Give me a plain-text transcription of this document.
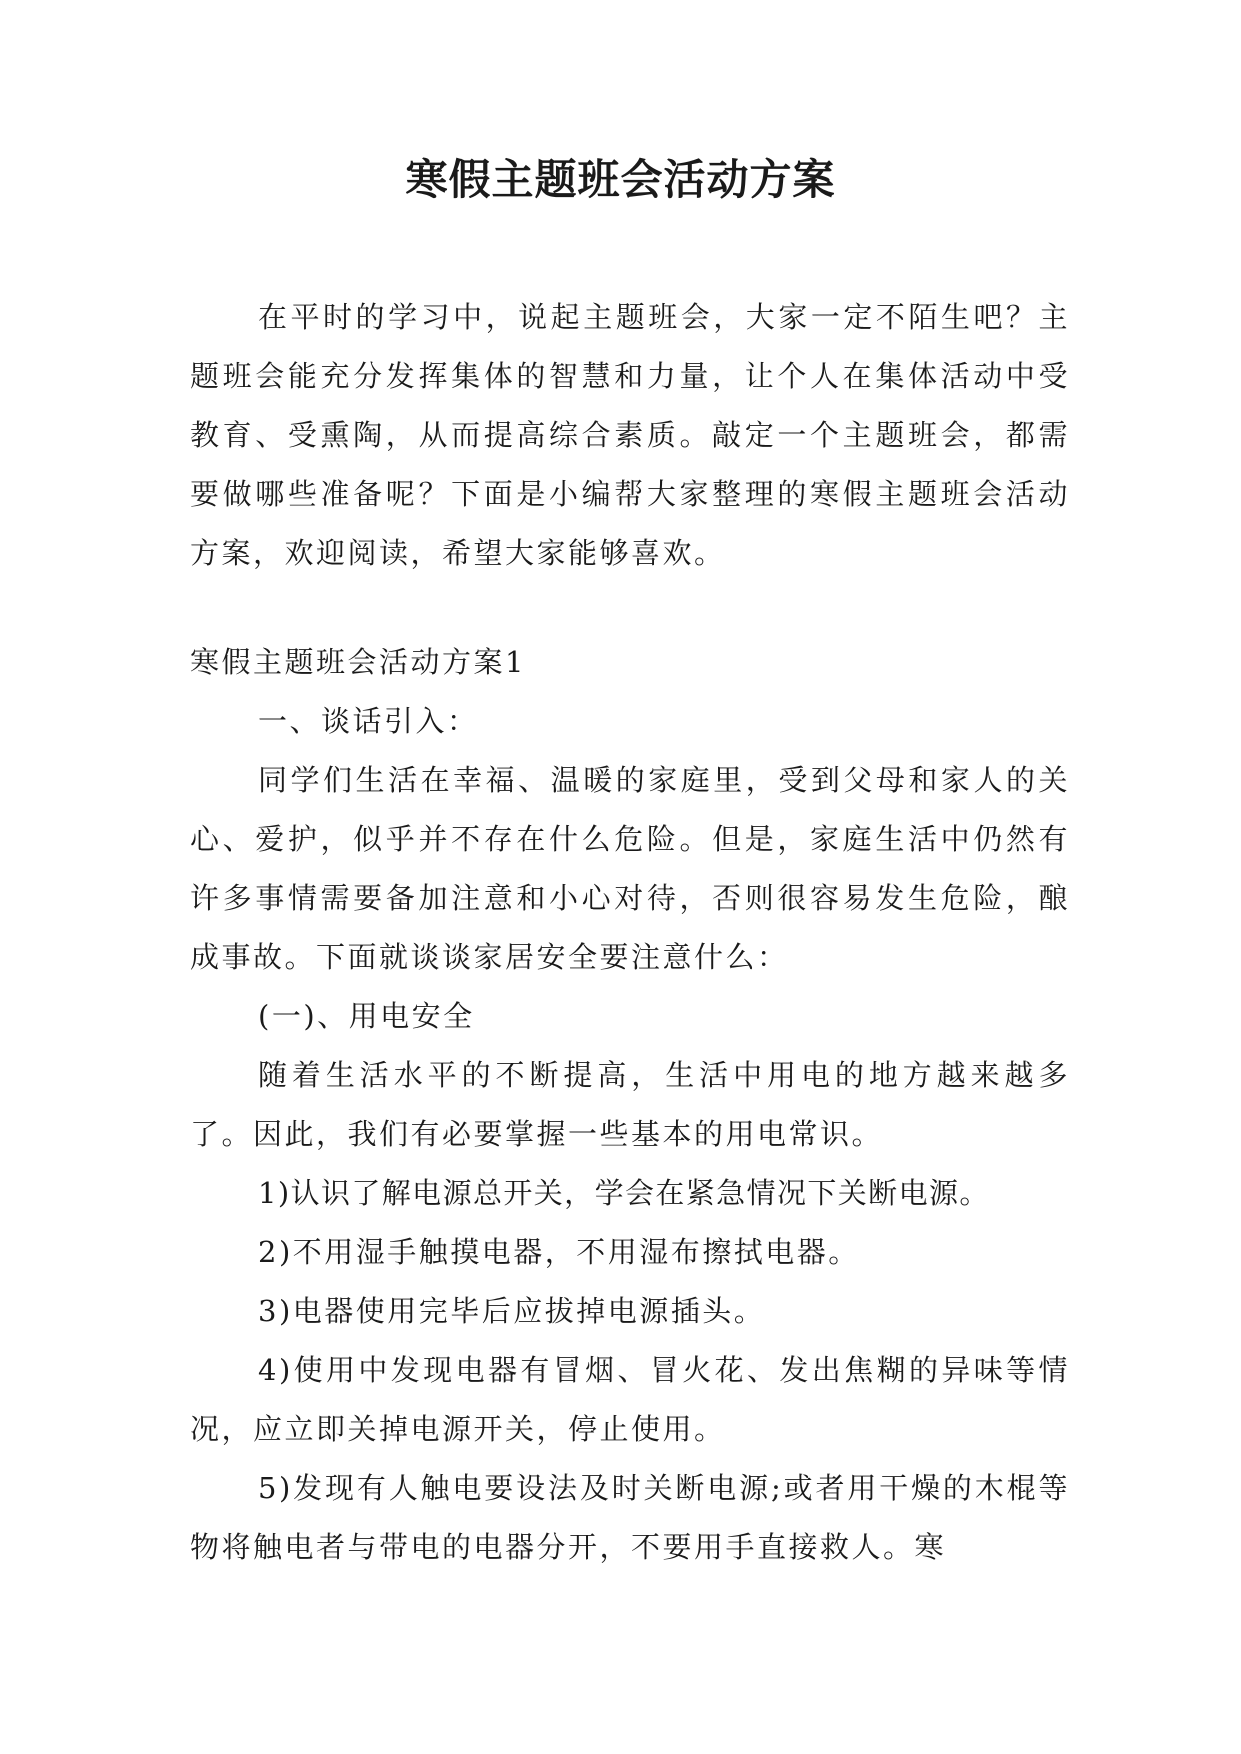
寒假主题班会活动方案

在平时的学习中，说起主题班会，大家一定不陌生吧？主题班会能充分发挥集体的智慧和力量，让个人在集体活动中受教育、受熏陶，从而提高综合素质。敲定一个主题班会，都需要做哪些准备呢？下面是小编帮大家整理的寒假主题班会活动方案，欢迎阅读，希望大家能够喜欢。

寒假主题班会活动方案1

一、谈话引入：

同学们生活在幸福、温暖的家庭里，受到父母和家人的关心、爱护，似乎并不存在什么危险。但是，家庭生活中仍然有许多事情需要备加注意和小心对待，否则很容易发生危险，酿成事故。下面就谈谈家居安全要注意什么：

(一)、用电安全

随着生活水平的不断提高，生活中用电的地方越来越多了。因此，我们有必要掌握一些基本的用电常识。

1)认识了解电源总开关，学会在紧急情况下关断电源。

2)不用湿手触摸电器，不用湿布擦拭电器。

3)电器使用完毕后应拔掉电源插头。

4)使用中发现电器有冒烟、冒火花、发出焦糊的异味等情况，应立即关掉电源开关，停止使用。

5)发现有人触电要设法及时关断电源;或者用干燥的木棍等物将触电者与带电的电器分开，不要用手直接救人。寒
